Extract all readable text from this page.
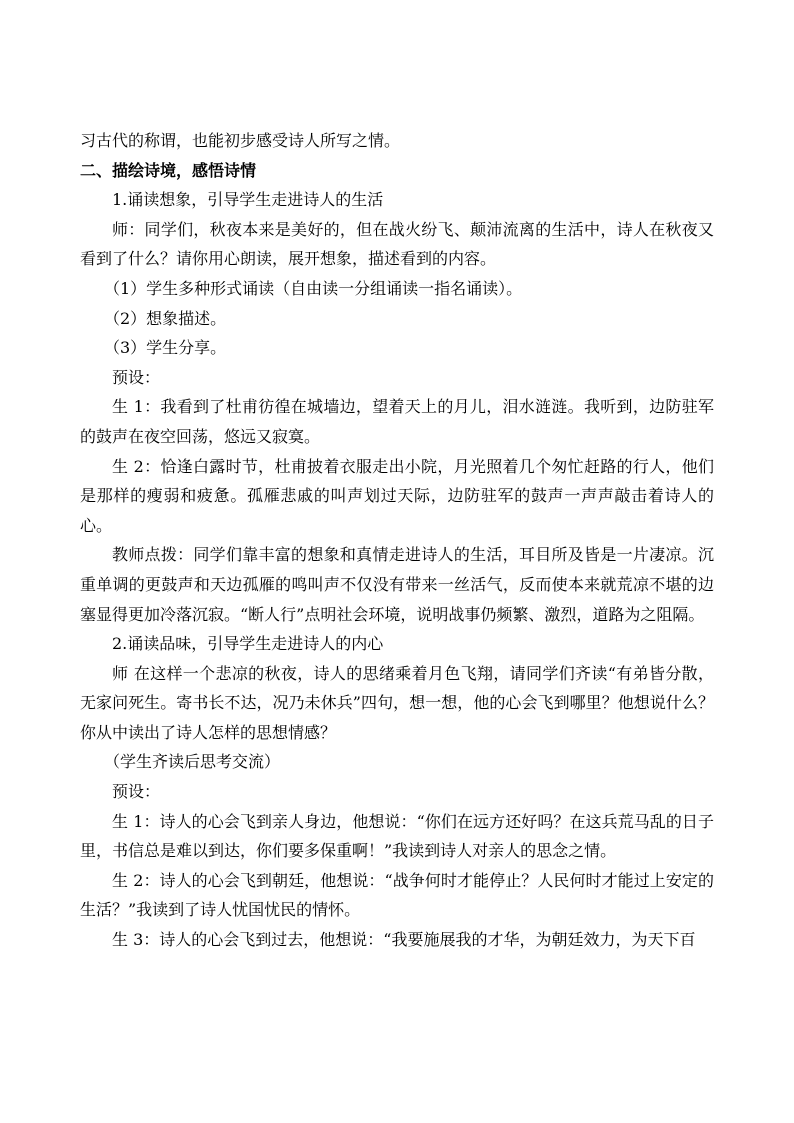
习古代的称谓，也能初步感受诗人所写之情。

二、描绘诗境，感悟诗情

1.诵读想象，引导学生走进诗人的生活

师：同学们，秋夜本来是美好的，但在战火纷飞、颠沛流离的生活中，诗人在秋夜又看到了什么？请你用心朗读，展开想象，描述看到的内容。

（1）学生多种形式诵读（自由读一分组诵读一指名诵读）。

（2）想象描述。

（3）学生分享。

预设：

生 1：我看到了杜甫彷徨在城墙边，望着天上的月儿，泪水涟涟。我听到，边防驻军的鼓声在夜空回荡，悠远又寂寞。

生 2：恰逢白露时节，杜甫披着衣服走出小院，月光照着几个匆忙赶路的行人，他们是那样的瘦弱和疲惫。孤雁悲戚的叫声划过天际，边防驻军的鼓声一声声敲击着诗人的心。

教师点拨：同学们靠丰富的想象和真情走进诗人的生活，耳目所及皆是一片凄凉。沉重单调的更鼓声和天边孤雁的鸣叫声不仅没有带来一丝活气，反而使本来就荒凉不堪的边塞显得更加冷落沉寂。“断人行”点明社会环境，说明战事仍频繁、激烈，道路为之阻隔。

2.诵读品味，引导学生走进诗人的内心

师 在这样一个悲凉的秋夜，诗人的思绪乘着月色飞翔，请同学们齐读“有弟皆分散，无家问死生。寄书长不达，况乃未休兵”四句，想一想，他的心会飞到哪里？他想说什么？你从中读出了诗人怎样的思想情感？

（学生齐读后思考交流）

预设：

生 1：诗人的心会飞到亲人身边，他想说：“你们在远方还好吗？在这兵荒马乱的日子里，书信总是难以到达，你们要多保重啊！”我读到诗人对亲人的思念之情。

生 2：诗人的心会飞到朝廷，他想说：“战争何时才能停止？人民何时才能过上安定的生活？”我读到了诗人忧国忧民的情怀。

生 3：诗人的心会飞到过去，他想说：“我要施展我的才华，为朝廷效力，为天下百
